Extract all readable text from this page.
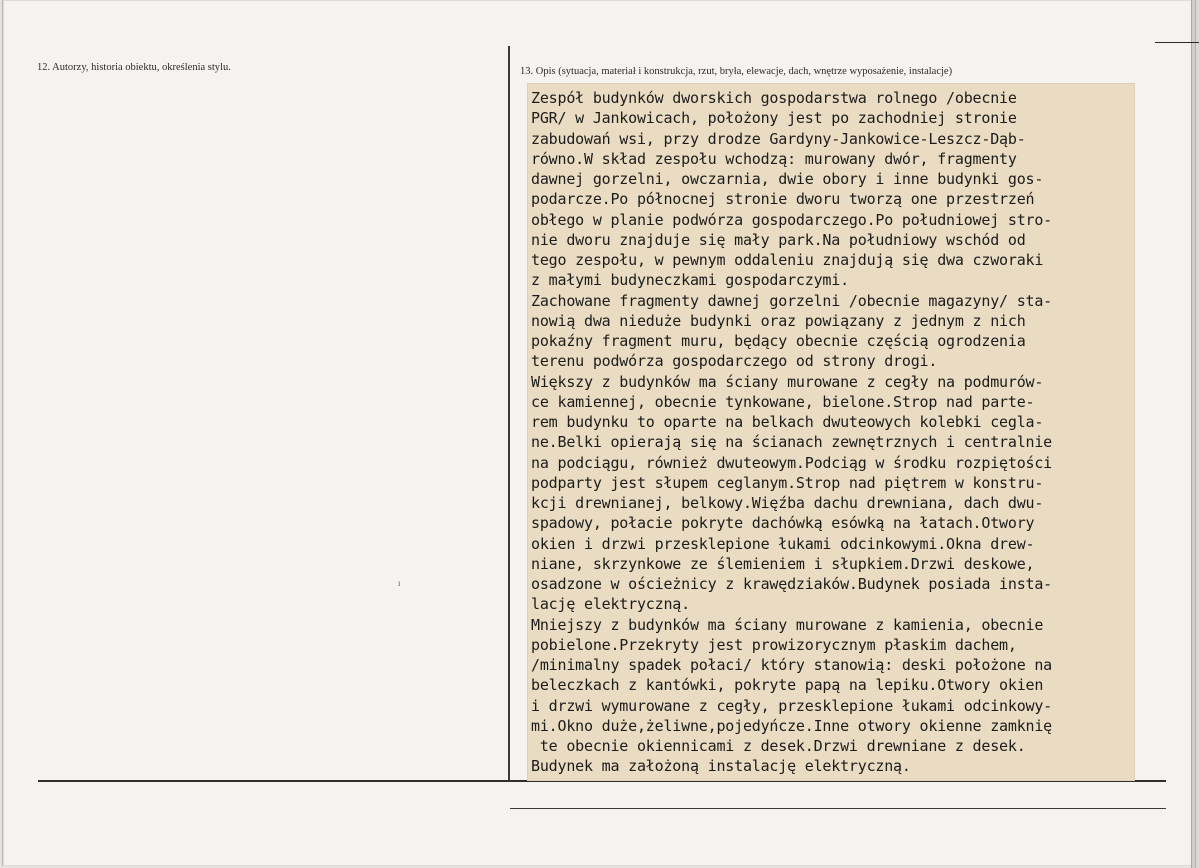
12. Autorzy, historia obiektu, określenia stylu.	13. Opis (sytuacja, materiał i konstrukcja, rzut, bryła, elewacje, dach, wnętrze wyposażenie, instalacje)
Zespół budynków dworskich gospodarstwa rolnego /obecnie
PGR/ w Jankowicach, położony jest po zachodniej stronie
zabudowań wsi, przy drodze Gardyny-Jankowice-Leszcz-Dąb-
równo.W skład zespołu wchodzą: murowany dwór, fragmenty
dawnej gorzelni, owczarnia, dwie obory i inne budynki gos-
podarcze.Po północnej stronie dworu tworzą one przestrzeń
obłego w planie podwórza gospodarczego.Po południowej stro-
nie dworu znajduje się mały park.Na południowy wschód od
tego zespołu, w pewnym oddaleniu znajdują się dwa czworaki
z małymi budyneczkami gospodarczymi.
Zachowane fragmenty dawnej gorzelni /obecnie magazyny/ sta-
nowią dwa nieduże budynki oraz powiązany z jednym z nich
pokaźny fragment muru, będący obecnie częścią ogrodzenia
terenu podwórza gospodarczego od strony drogi.
Większy z budynków ma ściany murowane z cegły na podmurów-
ce kamiennej, obecnie tynkowane, bielone.Strop nad parte-
rem budynku to oparte na belkach dwuteowych kolebki cegla-
ne.Belki opierają się na ścianach zewnętrznych i centralnie
na podciągu, również dwuteowym.Podciąg w środku rozpiętości
podparty jest słupem ceglanym.Strop nad piętrem w konstru-
kcji drewnianej, belkowy.Więźba dachu drewniana, dach dwu-
spadowy, połacie pokryte dachówką esówką na łatach.Otwory
okien i drzwi przesklepione łukami odcinkowymi.Okna drew-
niane, skrzynkowe ze ślemieniem i słupkiem.Drzwi deskowe,
osadzone w ościeżnicy z krawędziaków.Budynek posiada insta-
lację elektryczną.
Mniejszy z budynków ma ściany murowane z kamienia, obecnie
pobielone.Przekryty jest prowizorycznym płaskim dachem,
/minimalny spadek połaci/ który stanowią: deski położone na
beleczkach z kantówki, pokryte papą na lepiku.Otwory okien
i drzwi wymurowane z cegły, przesklepione łukami odcinkowy-
mi.Okno duże,żeliwne,pojedyńcze.Inne otwory okienne zamknię
te obecnie okiennicami z desek.Drzwi drewniane z desek.
Budynek ma założoną instalację elektryczną.
ı
